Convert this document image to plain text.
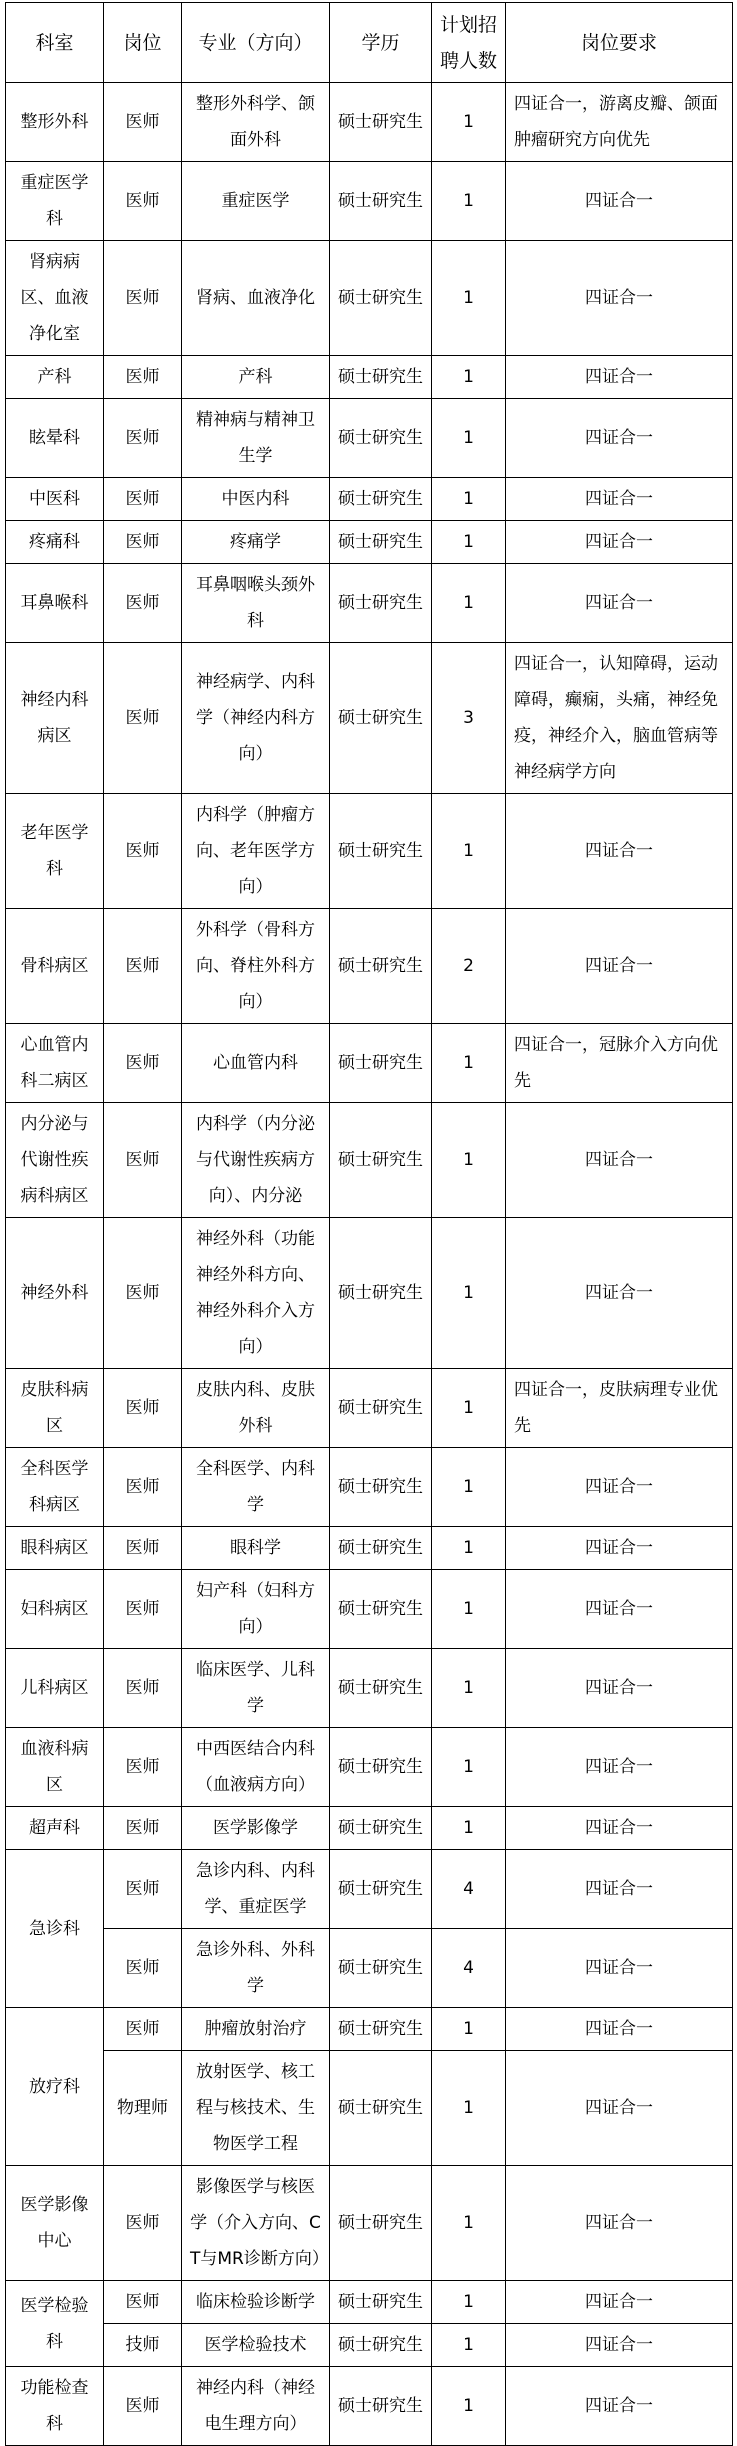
科室	岗位	专业（方向）	学历	计划招聘人数	岗位要求
整形外科	医师	整形外科学、颌面外科	硕士研究生	1	四证合一，游离皮瓣、颌面肿瘤研究方向优先
重症医学科	医师	重症医学	硕士研究生	1	四证合一
肾病病区、血液净化室	医师	肾病、血液净化	硕士研究生	1	四证合一
产科	医师	产科	硕士研究生	1	四证合一
眩晕科	医师	精神病与精神卫生学	硕士研究生	1	四证合一
中医科	医师	中医内科	硕士研究生	1	四证合一
疼痛科	医师	疼痛学	硕士研究生	1	四证合一
耳鼻喉科	医师	耳鼻咽喉头颈外科	硕士研究生	1	四证合一
神经内科病区	医师	神经病学、内科学（神经内科方向）	硕士研究生	3	四证合一，认知障碍，运动障碍，癫痫，头痛，神经免疫，神经介入，脑血管病等神经病学方向
老年医学科	医师	内科学（肿瘤方向、老年医学方向）	硕士研究生	1	四证合一
骨科病区	医师	外科学（骨科方向、脊柱外科方向）	硕士研究生	2	四证合一
心血管内科二病区	医师	心血管内科	硕士研究生	1	四证合一，冠脉介入方向优先
内分泌与代谢性疾病科病区	医师	内科学（内分泌与代谢性疾病方向）、内分泌	硕士研究生	1	四证合一
神经外科	医师	神经外科（功能神经外科方向、神经外科介入方向）	硕士研究生	1	四证合一
皮肤科病区	医师	皮肤内科、皮肤外科	硕士研究生	1	四证合一，皮肤病理专业优先
全科医学科病区	医师	全科医学、内科学	硕士研究生	1	四证合一
眼科病区	医师	眼科学	硕士研究生	1	四证合一
妇科病区	医师	妇产科（妇科方向）	硕士研究生	1	四证合一
儿科病区	医师	临床医学、儿科学	硕士研究生	1	四证合一
血液科病区	医师	中西医结合内科（血液病方向）	硕士研究生	1	四证合一
超声科	医师	医学影像学	硕士研究生	1	四证合一
急诊科	医师	急诊内科、内科学、重症医学	硕士研究生	4	四证合一
	医师	急诊外科、外科学	硕士研究生	4	四证合一
放疗科	医师	肿瘤放射治疗	硕士研究生	1	四证合一
	物理师	放射医学、核工程与核技术、生物医学工程	硕士研究生	1	四证合一
医学影像中心	医师	影像医学与核医学（介入方向、CT与MR诊断方向）	硕士研究生	1	四证合一
医学检验科	医师	临床检验诊断学	硕士研究生	1	四证合一
	技师	医学检验技术	硕士研究生	1	四证合一
功能检查科	医师	神经内科（神经电生理方向）	硕士研究生	1	四证合一
